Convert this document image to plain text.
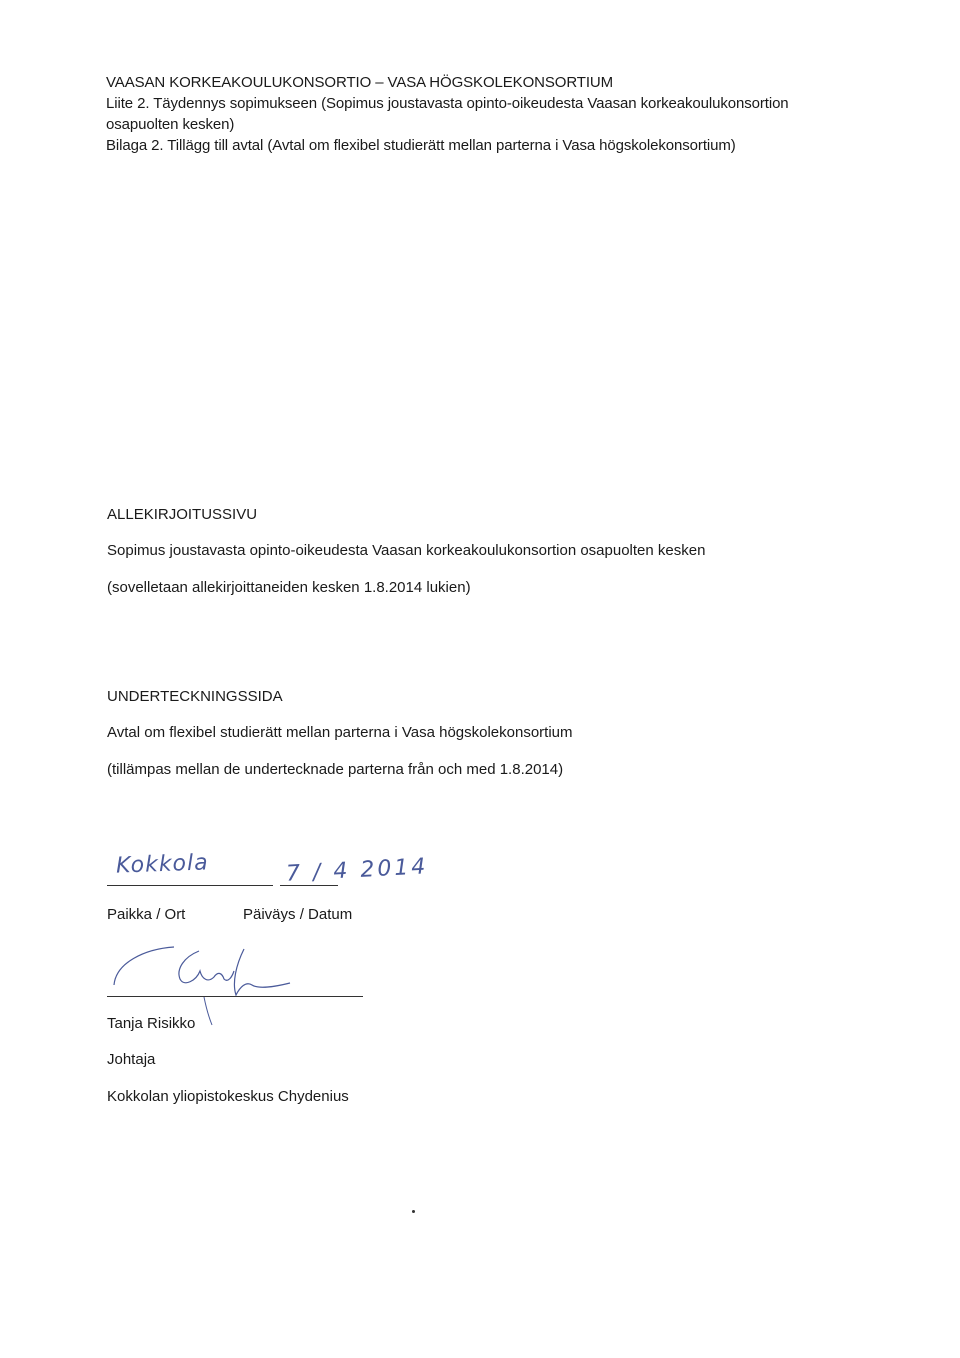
VAASAN KORKEAKOULUKONSORTIO – VASA HÖGSKOLEKONSORTIUM
Liite 2. Täydennys sopimukseen (Sopimus joustavasta opinto-oikeudesta Vaasan korkeakoulukonsortion
osapuolten kesken)
Bilaga 2. Tillägg till avtal (Avtal om flexibel studierätt mellan parterna i Vasa högskolekonsortium)
ALLEKIRJOITUSSIVU
Sopimus joustavasta opinto-oikeudesta Vaasan korkeakoulukonsortion osapuolten kesken
(sovelletaan allekirjoittaneiden kesken 1.8.2014 lukien)
UNDERTECKNINGSSIDA
Avtal om flexibel studierätt mellan parterna i Vasa högskolekonsortium
(tillämpas mellan de undertecknade parterna från och med 1.8.2014)
Kokkola	7 / 4 2014
Paikka / Ort	Päiväys / Datum
Tanja Risikko
Johtaja
Kokkolan yliopistokeskus Chydenius
